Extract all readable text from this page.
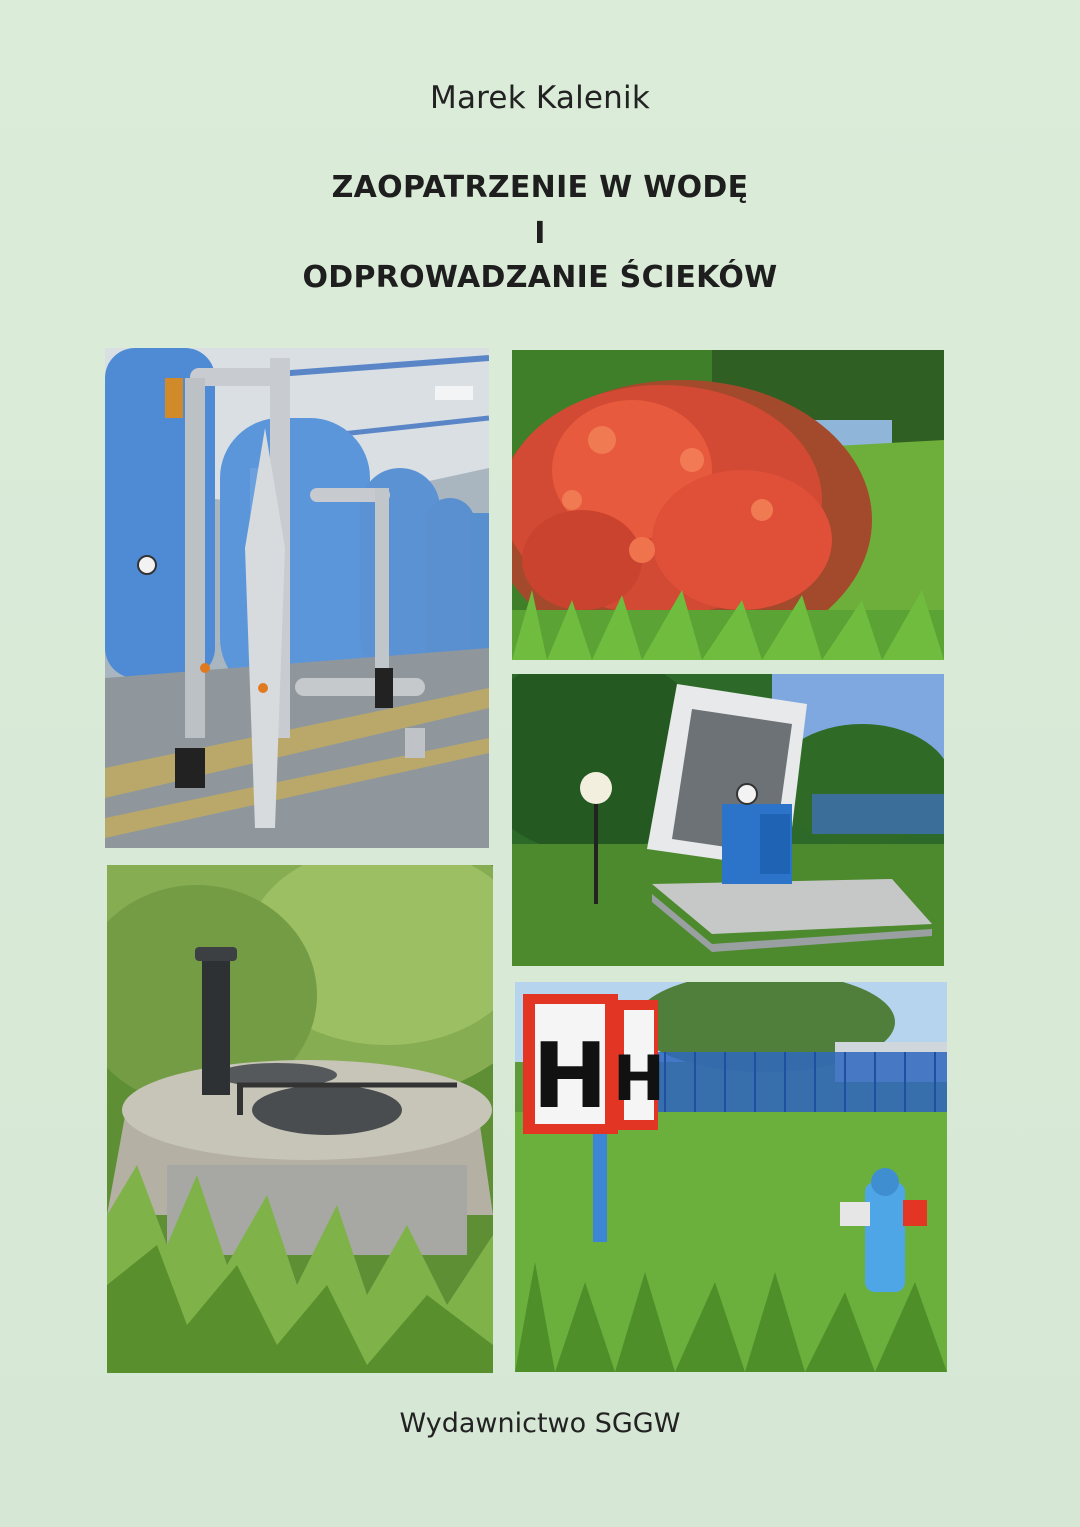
Marek Kalenik
ZAOPATRZENIE W WODĘ
I
ODPROWADZANIE ŚCIEKÓW
H H
Wydawnictwo SGGW
